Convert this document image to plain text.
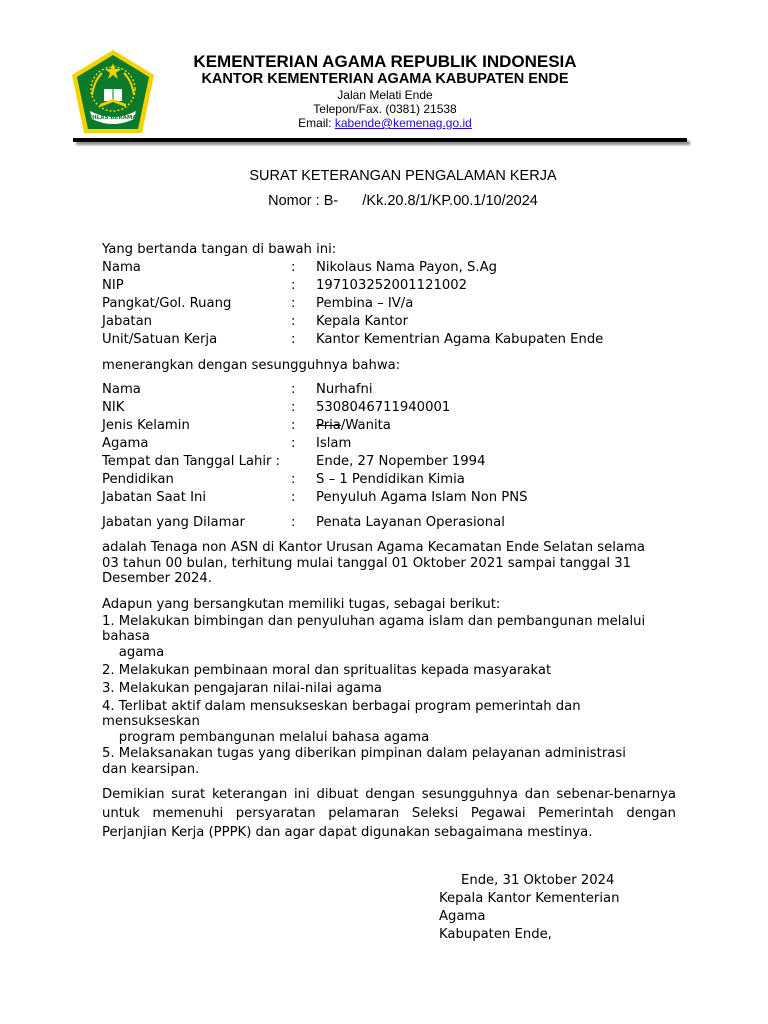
IKHLAS BERAMAL
KEMENTERIAN AGAMA REPUBLIK INDONESIA
KANTOR KEMENTERIAN AGAMA KABUPATEN ENDE
Jalan Melati Ende
Telepon/Fax. (0381) 21538
Email: kabende@kemenag.go.id
SURAT KETERANGAN PENGALAMAN KERJA
Nomor : B-      /Kk.20.8/1/KP.00.1/10/2024
Yang bertanda tangan di bawah ini:
Nama	: Nikolaus Nama Payon, S.Ag
NIP	: 197103252001121002
Pangkat/Gol. Ruang	: Pembina – IV/a
Jabatan	: Kepala Kantor
Unit/Satuan Kerja	: Kantor Kementrian Agama Kabupaten Ende
menerangkan dengan sesungguhnya bahwa:
Nama	: Nurhafni
NIK	: 5308046711940001
Jenis Kelamin	: Pria/Wanita
Agama	: Islam
Tempat dan Tanggal Lahir :	Ende, 27 Nopember 1994
Pendidikan	: S – 1 Pendidikan Kimia
Jabatan Saat Ini	: Penyuluh Agama Islam Non PNS
Jabatan yang Dilamar	: Penata Layanan Operasional
adalah Tenaga non ASN di Kantor Urusan Agama Kecamatan Ende Selatan selama
03 tahun 00 bulan, terhitung mulai tanggal 01 Oktober 2021 sampai tanggal 31
Desember 2024.
Adapun yang bersangkutan memiliki tugas, sebagai berikut:
1. Melakukan bimbingan dan penyuluhan agama islam dan pembangunan melalui
bahasa
agama
2. Melakukan pembinaan moral dan spritualitas kepada masyarakat
3. Melakukan pengajaran nilai-nilai agama
4. Terlibat aktif dalam mensukseskan berbagai program pemerintah dan
mensukseskan
program pembangunan melalui bahasa agama
5. Melaksanakan tugas yang diberikan pimpinan dalam pelayanan administrasi
dan kearsipan.
Demikian surat keterangan ini dibuat dengan sesungguhnya dan sebenar-benarnya untuk memenuhi persyaratan pelamaran Seleksi Pegawai Pemerintah dengan Perjanjian Kerja (PPPK) dan agar dapat digunakan sebagaimana mestinya.
Ende, 31 Oktober 2024
Kepala Kantor Kementerian
Agama
Kabupaten Ende,
